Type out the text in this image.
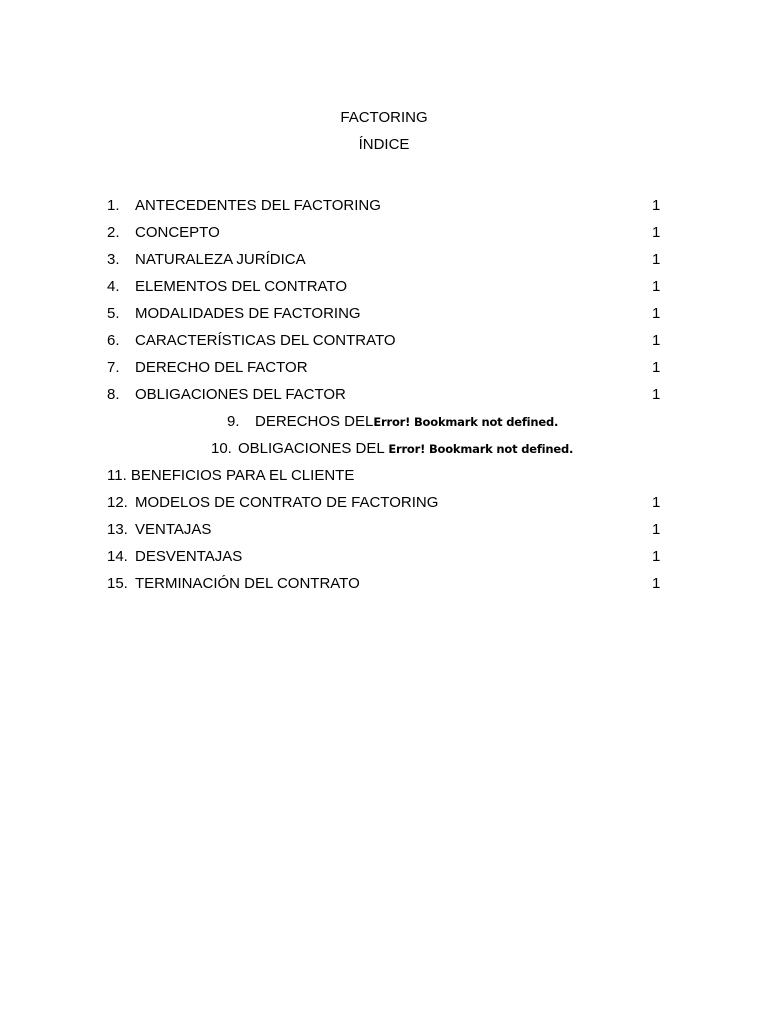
FACTORING
ÍNDICE
1. ANTECEDENTES DEL FACTORING	1
2. CONCEPTO	1
3. NATURALEZA JURÍDICA	1
4. ELEMENTOS DEL CONTRATO	1
5. MODALIDADES DE FACTORING	1
6. CARACTERÍSTICAS DEL CONTRATO	1
7. DERECHO DEL FACTOR	1
8. OBLIGACIONES DEL FACTOR	1
9. DERECHOS DELError! Bookmark not defined.
10. OBLIGACIONES DEL Error! Bookmark not defined.
11. BENEFICIOS PARA EL CLIENTE
12. MODELOS DE CONTRATO DE FACTORING	1
13. VENTAJAS	1
14. DESVENTAJAS	1
15. TERMINACIÓN DEL CONTRATO	1
